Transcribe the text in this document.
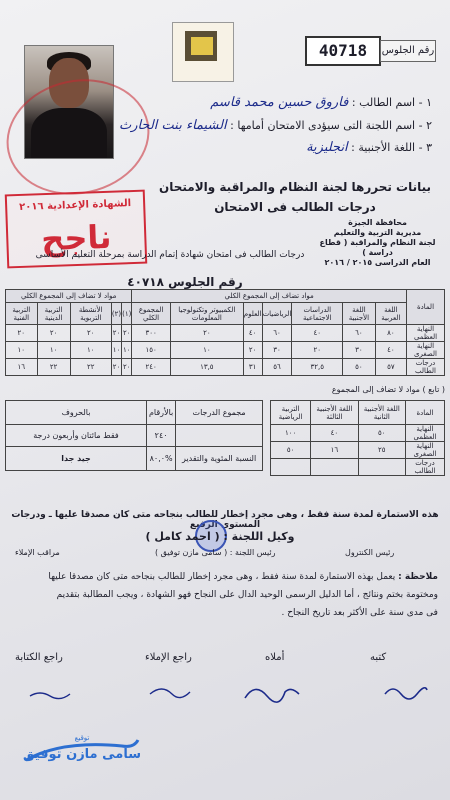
40718	رقم الجلوس
١ - اسم الطالب : فاروق حسين محمد قاسم
٢ - اسم اللجنة التى سيؤدى الامتحان أمامها : الشيماء بنت الحارث
٣ - اللغة الأجنبية : انجليزية
الشهادة الإعدادية ٢٠١٦
ناجح
بيانات تحررها لجنة النظام والمراقبة والامتحان
درجات الطالب فى الامتحان
محافظة الجيزة
مديرية التربية والتعليم
لجنة النظام والمراقبة ( قطاع دراسة )
العام الدراسى ٢٠١٥ / ٢٠١٦
درجات الطالب فى امتحان شهادة إتمام الدراسة بمرحلة التعليم الأساسى
رقم الجلوس ٤٠٧١٨
المادة	مواد تضاف إلى المجموع الكلي							مواد لا تضاف إلى المجموع الكلي				
	اللغة العربية	اللغة الأجنبية	الدراسات الاجتماعية	الرياضيات	العلوم	الكمبيوتر وتكنولوجيا المعلومات	المجموع الكلي	(١)	(٢)	الأنشطة التربوية	التربية الدينية	التربية الفنية
النهاية العظمى	٨٠	٦٠	٤٠	٦٠	٤٠	٢٠	٣٠٠	٢٠	٢٠	٢٠	٢٠	٢٠
النهاية الصغرى	٤٠	٣٠	٢٠	٣٠	٢٠	١٠	١٥٠	١٠	١٠	١٠	١٠	١٠
درجات الطالب	٥٧	٥٠	٣٢,٥	٥٦	٣١	١٣,٥	٢٤٠	٢٠	٢٠	٢٢	٢٢	١٦
( تابع ) مواد لا تضاف إلى المجموع
مجموع الدرجات	بالأرقام	بالحروف
	٢٤٠	فقط مائتان وأربعون درجة
النسبة المئوية والتقدير	%٨٠,٠	جيد جدا
المادة	اللغة الأجنبية الثانية	اللغة الأجنبية الثالثة	التربية الرياضية
النهاية العظمى	٥٠	٤٠	١٠٠
النهاية الصغرى	٢٥	١٦	٥٠
درجات الطالب			
هذه الاستمارة لمدة سنة فقط ، وهى مجرد إخطار للطالب بنجاحه متى كان مصدقا عليها ـ ودرجات المستوى الرفيع
وكيل اللجنة : ( احمد كامل )
رئيس اللجنة : ( سامى مازن توفيق )	رئيس الكنترول
مراقب الإملاء
ملاحظة : يعمل بهذه الاستمارة لمدة سنة فقط ، وهى مجرد إخطار للطالب بنجاحه متى كان مصدقا عليها
ومختومة بختم ونتائج ، أما الدليل الرسمى الوحيد الدال على النجاح فهو الشهادة ، ويجب المطالبة بتقديم
فى مدى سنة على الأكثر بعد تاريخ النجاح .
كتبه
أملاه
راجع الإملاء
راجع الكتابة
توقيع
سامى مازن توفيق
